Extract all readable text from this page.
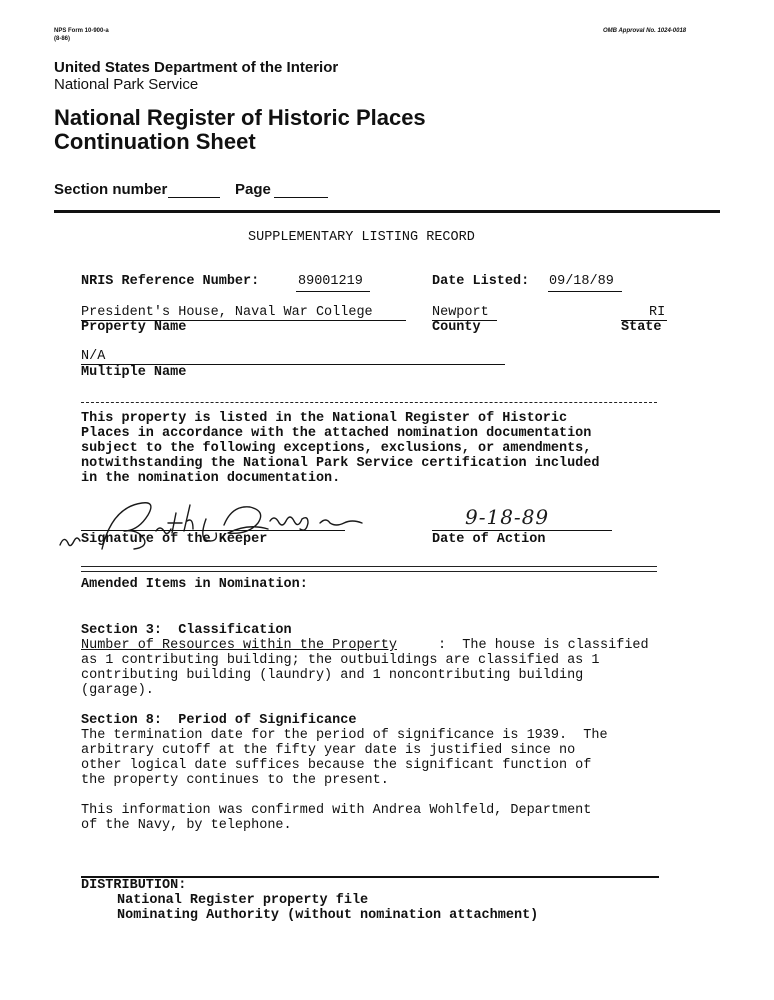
NPS Form 10-900-a
(8-86)
OMB Approval No. 1024-0018
United States Department of the Interior
National Park Service
National Register of Historic Places
Continuation Sheet
Section number	Page
SUPPLEMENTARY LISTING RECORD
NRIS Reference Number:	89001219	Date Listed: 09/18/89
President's House, Naval War College
Property Name
Newport
County
RI
State
N/A
Multiple Name
This property is listed in the National Register of Historic
Places in accordance with the attached nomination documentation
subject to the following exceptions, exclusions, or amendments,
notwithstanding the National Park Service certification included
in the nomination documentation.
Signature of the Keeper
9-18-89
Date of Action
Amended Items in Nomination:
Section 3:  Classification
Number of Resources within the Property	:  The house is classified
as 1 contributing building; the outbuildings are classified as 1
contributing building (laundry) and 1 noncontributing building
(garage).
Section 8:  Period of Significance
The termination date for the period of significance is 1939.  The
arbitrary cutoff at the fifty year date is justified since no
other logical date suffices because the significant function of
the property continues to the present.
This information was confirmed with Andrea Wohlfeld, Department
of the Navy, by telephone.
DISTRIBUTION:
National Register property file
Nominating Authority (without nomination attachment)
